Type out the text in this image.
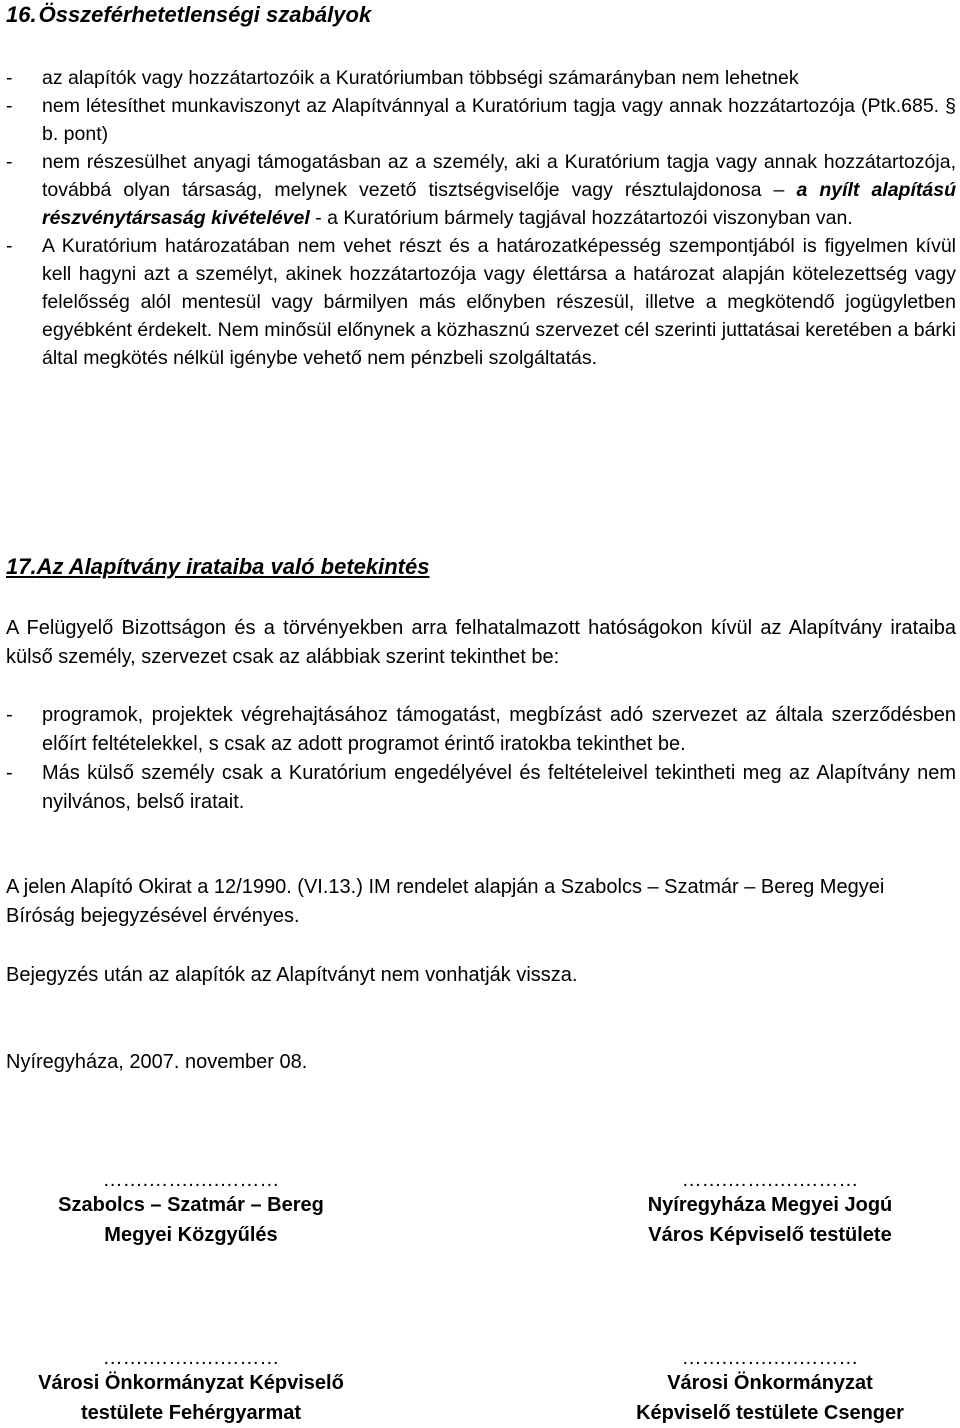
16.Összeférhetetlenségi szabályok
- az alapítók vagy hozzátartozóik a Kuratóriumban többségi számarányban nem lehetnek
- nem létesíthet munkaviszonyt az Alapítvánnyal a Kuratórium tagja vagy annak hozzátartozója (Ptk.685. § b. pont)
- nem részesülhet anyagi támogatásban az a személy, aki a Kuratórium tagja vagy annak hozzátartozója, továbbá olyan társaság, melynek vezető tisztségviselője vagy résztulajdonosa – a nyílt alapítású részvénytársaság kivételével - a Kuratórium bármely tagjával hozzátartozói viszonyban van.
- A Kuratórium határozatában nem vehet részt és a határozatképesség szempontjából is figyelmen kívül kell hagyni azt a személyt, akinek hozzátartozója vagy élettársa a határozat alapján kötelezettség vagy felelősség alól mentesül vagy bármilyen más előnyben részesül, illetve a megkötendő jogügyletben egyébként érdekelt. Nem minősül előnynek a közhasznú szervezet cél szerinti juttatásai keretében a bárki által megkötés nélkül igénybe vehető nem pénzbeli szolgáltatás.
17.Az Alapítvány irataiba való betekintés
A Felügyelő Bizottságon és a törvényekben arra felhatalmazott hatóságokon kívül az Alapítvány irataiba külső személy, szervezet csak az alábbiak szerint tekinthet be:
- programok, projektek végrehajtásához támogatást, megbízást adó szervezet az általa szerződésben előírt feltételekkel, s csak az adott programot érintő iratokba tekinthet be.
- Más külső személy csak a Kuratórium engedélyével és feltételeivel tekintheti meg az Alapítvány nem nyilvános, belső iratait.
A jelen Alapító Okirat a 12/1990. (VI.13.) IM rendelet alapján a Szabolcs – Szatmár – Bereg Megyei Bíróság bejegyzésével érvényes.
Bejegyzés után az alapítók az Alapítványt nem vonhatják vissza.
Nyíregyháza, 2007. november 08.
…….…….….………
Szabolcs – Szatmár – Bereg
Megyei Közgyűlés
…….…….….………
Nyíregyháza Megyei Jogú
Város Képviselő testülete
…….…….….………
Városi Önkormányzat Képviselő
testülete Fehérgyarmat
…….…….….………
Városi Önkormányzat
Képviselő testülete Csenger
